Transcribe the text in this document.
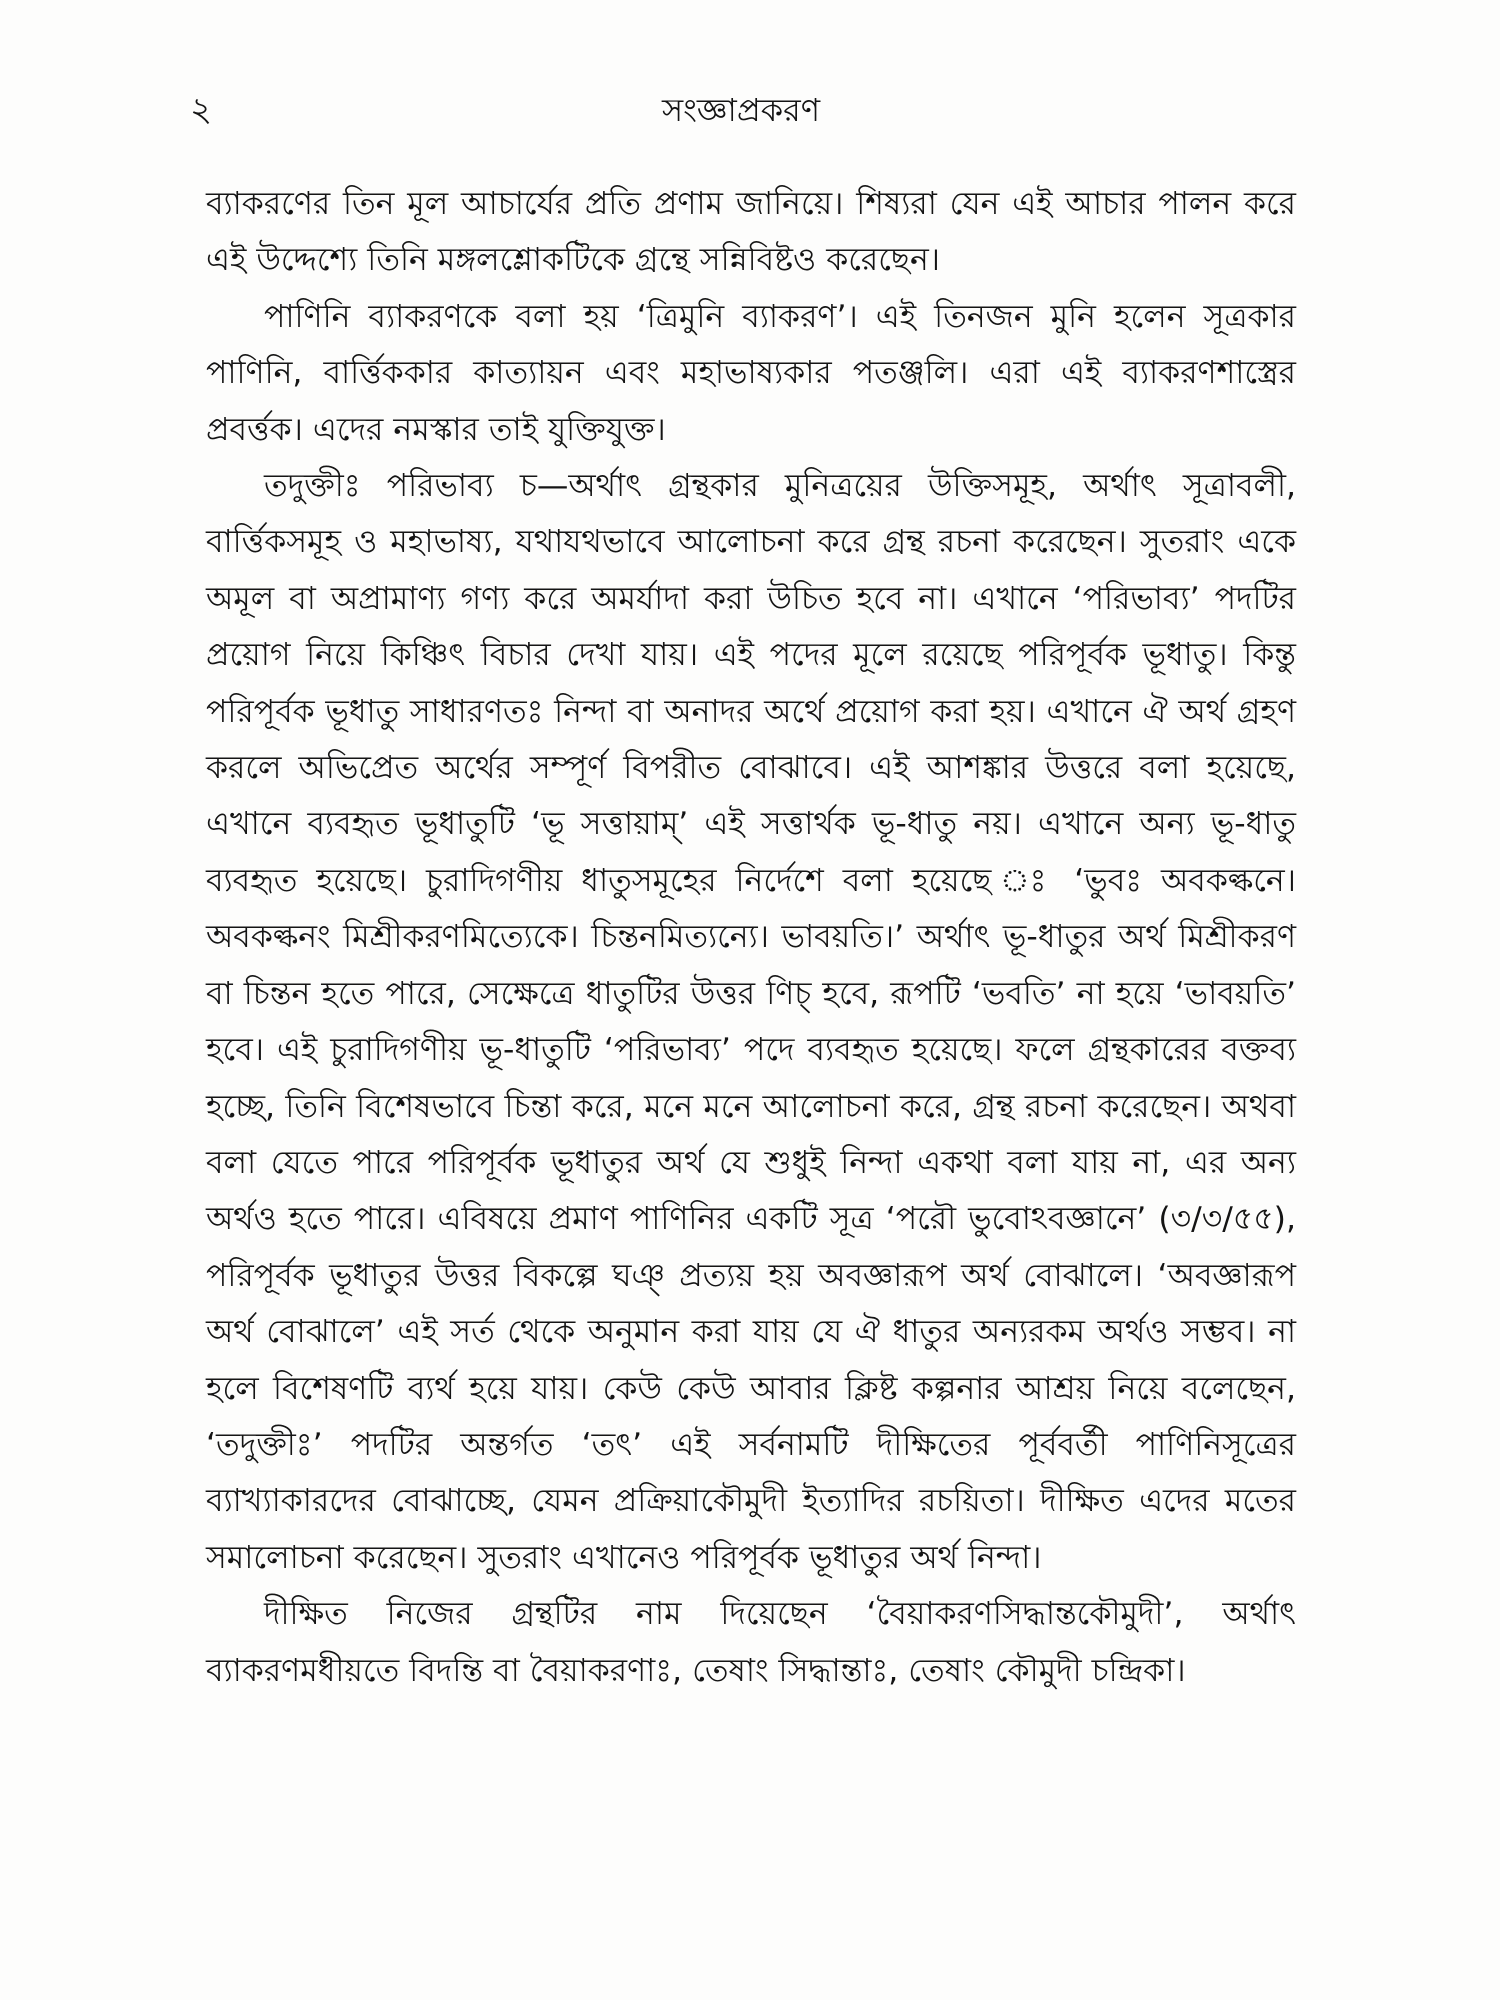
২	সংজ্ঞাপ্রকরণ

ব্যাকরণের তিন মূল আচার্যের প্রতি প্রণাম জানিয়ে। শিষ্যরা যেন এই আচার পালন করে এই উদ্দেশ্যে তিনি মঙ্গলশ্লোকটিকে গ্রন্থে সন্নিবিষ্টও করেছেন।

পাণিনি ব্যাকরণকে বলা হয় ‘ত্রিমুনি ব্যাকরণ’। এই তিনজন মুনি হলেন সূত্রকার পাণিনি, বার্ত্তিককার কাত্যায়ন এবং মহাভাষ্যকার পতঞ্জলি। এরা এই ব্যাকরণশাস্ত্রের প্রবর্ত্তক। এদের নমস্কার তাই যুক্তিযুক্ত।

তদুক্তীঃ পরিভাব্য চ—অর্থাৎ গ্রন্থকার মুনিত্রয়ের উক্তিসমূহ, অর্থাৎ সূত্রাবলী, বার্ত্তিকসমূহ ও মহাভাষ্য, যথাযথভাবে আলোচনা করে গ্রন্থ রচনা করেছেন। সুতরাং একে অমূল বা অপ্রামাণ্য গণ্য করে অমর্যাদা করা উচিত হবে না। এখানে ‘পরিভাব্য’ পদটির প্রয়োগ নিয়ে কিঞ্চিৎ বিচার দেখা যায়। এই পদের মূলে রয়েছে পরিপূর্বক ভূধাতু। কিন্তু পরিপূর্বক ভূধাতু সাধারণতঃ নিন্দা বা অনাদর অর্থে প্রয়োগ করা হয়। এখানে ঐ অর্থ গ্রহণ করলে অভিপ্রেত অর্থের সম্পূর্ণ বিপরীত বোঝাবে। এই আশঙ্কার উত্তরে বলা হয়েছে, এখানে ব্যবহৃত ভূধাতুটি ‘ভূ সত্তায়াম্’ এই সত্তার্থক ভূ-ধাতু নয়। এখানে অন্য ভূ-ধাতু ব্যবহৃত হয়েছে। চুরাদিগণীয় ধাতুসমূহের নির্দেশে বলা হয়েছে ঃ ‘ভুবঃ অবকল্কনে। অবকল্কনং মিশ্রীকরণমিত্যেকে। চিন্তনমিত্যন্যে। ভাবয়তি।’ অর্থাৎ ভূ-ধাতুর অর্থ মিশ্রীকরণ বা চিন্তন হতে পারে, সেক্ষেত্রে ধাতুটির উত্তর ণিচ্ হবে, রূপটি ‘ভবতি’ না হয়ে ‘ভাবয়তি’ হবে। এই চুরাদিগণীয় ভূ-ধাতুটি ‘পরিভাব্য’ পদে ব্যবহৃত হয়েছে। ফলে গ্রন্থকারের বক্তব্য হচ্ছে, তিনি বিশেষভাবে চিন্তা করে, মনে মনে আলোচনা করে, গ্রন্থ রচনা করেছেন। অথবা বলা যেতে পারে পরিপূর্বক ভূধাতুর অর্থ যে শুধুই নিন্দা একথা বলা যায় না, এর অন্য অর্থও হতে পারে। এবিষয়ে প্রমাণ পাণিনির একটি সূত্র ‘পরৌ ভুবোঽবজ্ঞানে’ (৩/৩/৫৫), পরিপূর্বক ভূধাতুর উত্তর বিকল্পে ঘঞ্ প্রত্যয় হয় অবজ্ঞারূপ অর্থ বোঝালে। ‘অবজ্ঞারূপ অর্থ বোঝালে’ এই সর্ত থেকে অনুমান করা যায় যে ঐ ধাতুর অন্যরকম অর্থও সম্ভব। না হলে বিশেষণটি ব্যর্থ হয়ে যায়। কেউ কেউ আবার ক্লিষ্ট কল্পনার আশ্রয় নিয়ে বলেছেন, ‘তদুক্তীঃ’ পদটির অন্তর্গত ‘তৎ’ এই সর্বনামটি দীক্ষিতের পূর্ববর্তী পাণিনিসূত্রের ব্যাখ্যাকারদের বোঝাচ্ছে, যেমন প্রক্রিয়াকৌমুদী ইত্যাদির রচয়িতা। দীক্ষিত এদের মতের সমালোচনা করেছেন। সুতরাং এখানেও পরিপূর্বক ভূধাতুর অর্থ নিন্দা।

দীক্ষিত নিজের গ্রন্থটির নাম দিয়েছেন ‘বৈয়াকরণসিদ্ধান্তকৌমুদী’, অর্থাৎ ব্যাকরণমধীয়তে বিদন্তি বা বৈয়াকরণাঃ, তেষাং সিদ্ধান্তাঃ, তেষাং কৌমুদী চন্দ্রিকা।
